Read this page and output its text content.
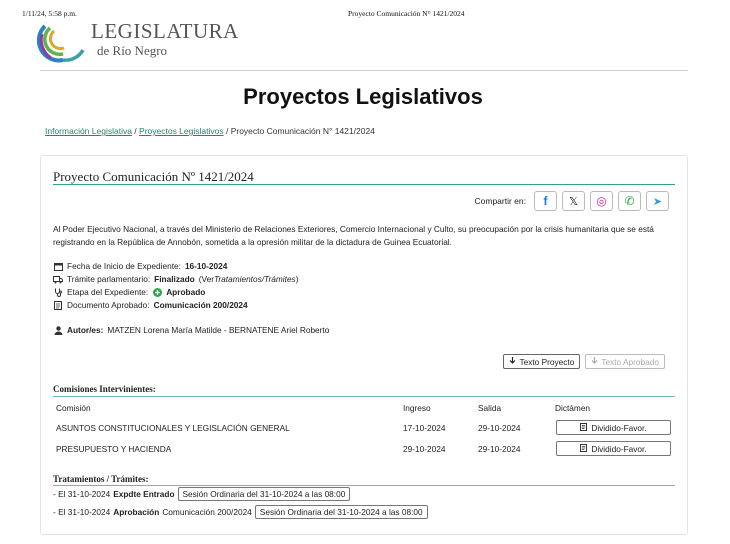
1/11/24, 5:58 p.m.	Proyecto Comunicación N° 1421/2024
LEGISLATURA
de Río Negro
Proyectos Legislativos
Información Legislativa / Proyectos Legislativos / Proyecto Comunicación N° 1421/2024
Proyecto Comunicación Nº 1421/2024
Compartir en: f 𝕏 ◎ ✆ ➤

Al Poder Ejecutivo Nacional, a través del Ministerio de Relaciones Exteriores, Comercio Internacional y Culto, su preocupación por la crisis humanitaria que se está registrando en la República de Annobón, sometida a la opresión militar de la dictadura de Guinea Ecuatorial.

Fecha de Inicio de Expediente: 16-10-2024
Trámite parlamentario: Finalizado (Ver Tratamientos/Trámites )
Etapa del Expediente: Aprobado
Documento Aprobado: Comunicación 200/2024
Autor/es: MATZEN Lorena María Matilde - BERNATENE Ariel Roberto
Texto Proyecto	Texto Aprobado
Comisiones Intervinientes:
Comisión	Ingreso	Salida	Dictámen
ASUNTOS CONSTITUCIONALES Y LEGISLACIÓN GENERAL	17-10-2024	29-10-2024	Dividido-Favor.
PRESUPUESTO Y HACIENDA	29-10-2024	29-10-2024	Dividido-Favor.
Tratamientos / Trámites:
- El 31-10-2024 Expdte Entrado Sesión Ordinaria del 31-10-2024 a las 08:00
- El 31-10-2024 Aprobación Comunicación 200/2024 Sesión Ordinaria del 31-10-2024 a las 08:00
